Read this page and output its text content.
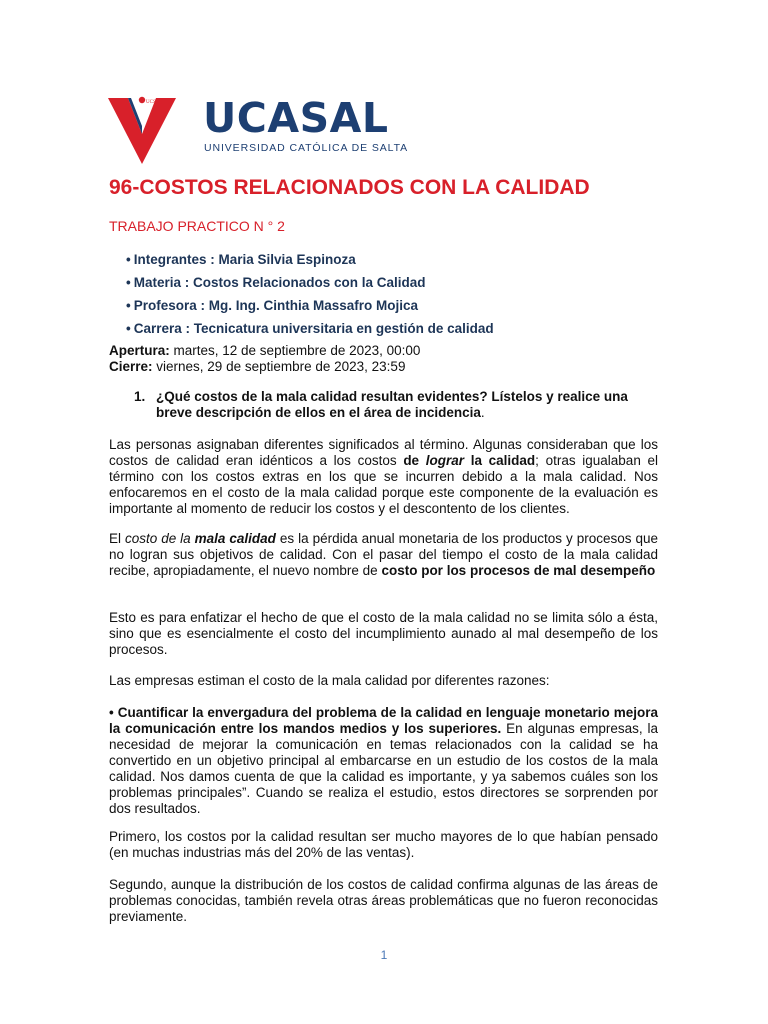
UCS UCASAL
UNIVERSIDAD CATÓLICA DE SALTA
96-COSTOS RELACIONADOS CON LA CALIDAD
TRABAJO PRACTICO N ° 2
• Integrantes : Maria Silvia Espinoza
• Materia : Costos Relacionados con la Calidad
• Profesora : Mg. Ing. Cinthia Massafro Mojica
• Carrera : Tecnicatura universitaria en gestión de calidad
Apertura: martes, 12 de septiembre de 2023, 00:00
Cierre: viernes, 29 de septiembre de 2023, 23:59
1. ¿Qué costos de la mala calidad resultan evidentes? Lístelos y realice una breve descripción de ellos en el área de incidencia.
Las personas asignaban diferentes significados al término. Algunas consideraban que los costos de calidad eran idénticos a los costos de lograr la calidad; otras igualaban el término con los costos extras en los que se incurren debido a la mala calidad. Nos enfocaremos en el costo de la mala calidad porque este componente de la evaluación es importante al momento de reducir los costos y el descontento de los clientes.
El costo de la mala calidad es la pérdida anual monetaria de los productos y procesos que no logran sus objetivos de calidad. Con el pasar del tiempo el costo de la mala calidad recibe, apropiadamente, el nuevo nombre de costo por los procesos de mal desempeño
Esto es para enfatizar el hecho de que el costo de la mala calidad no se limita sólo a ésta, sino que es esencialmente el costo del incumplimiento aunado al mal desempeño de los procesos.
Las empresas estiman el costo de la mala calidad por diferentes razones:
• Cuantificar la envergadura del problema de la calidad en lenguaje monetario mejora la comunicación entre los mandos medios y los superiores. En algunas empresas, la necesidad de mejorar la comunicación en temas relacionados con la calidad se ha convertido en un objetivo principal al embarcarse en un estudio de los costos de la mala calidad. Nos damos cuenta de que la calidad es importante, y ya sabemos cuáles son los problemas principales”. Cuando se realiza el estudio, estos directores se sorprenden por dos resultados.
Primero, los costos por la calidad resultan ser mucho mayores de lo que habían pensado (en muchas industrias más del 20% de las ventas).
Segundo, aunque la distribución de los costos de calidad confirma algunas de las áreas de problemas conocidas, también revela otras áreas problemáticas que no fueron reconocidas previamente.
1
